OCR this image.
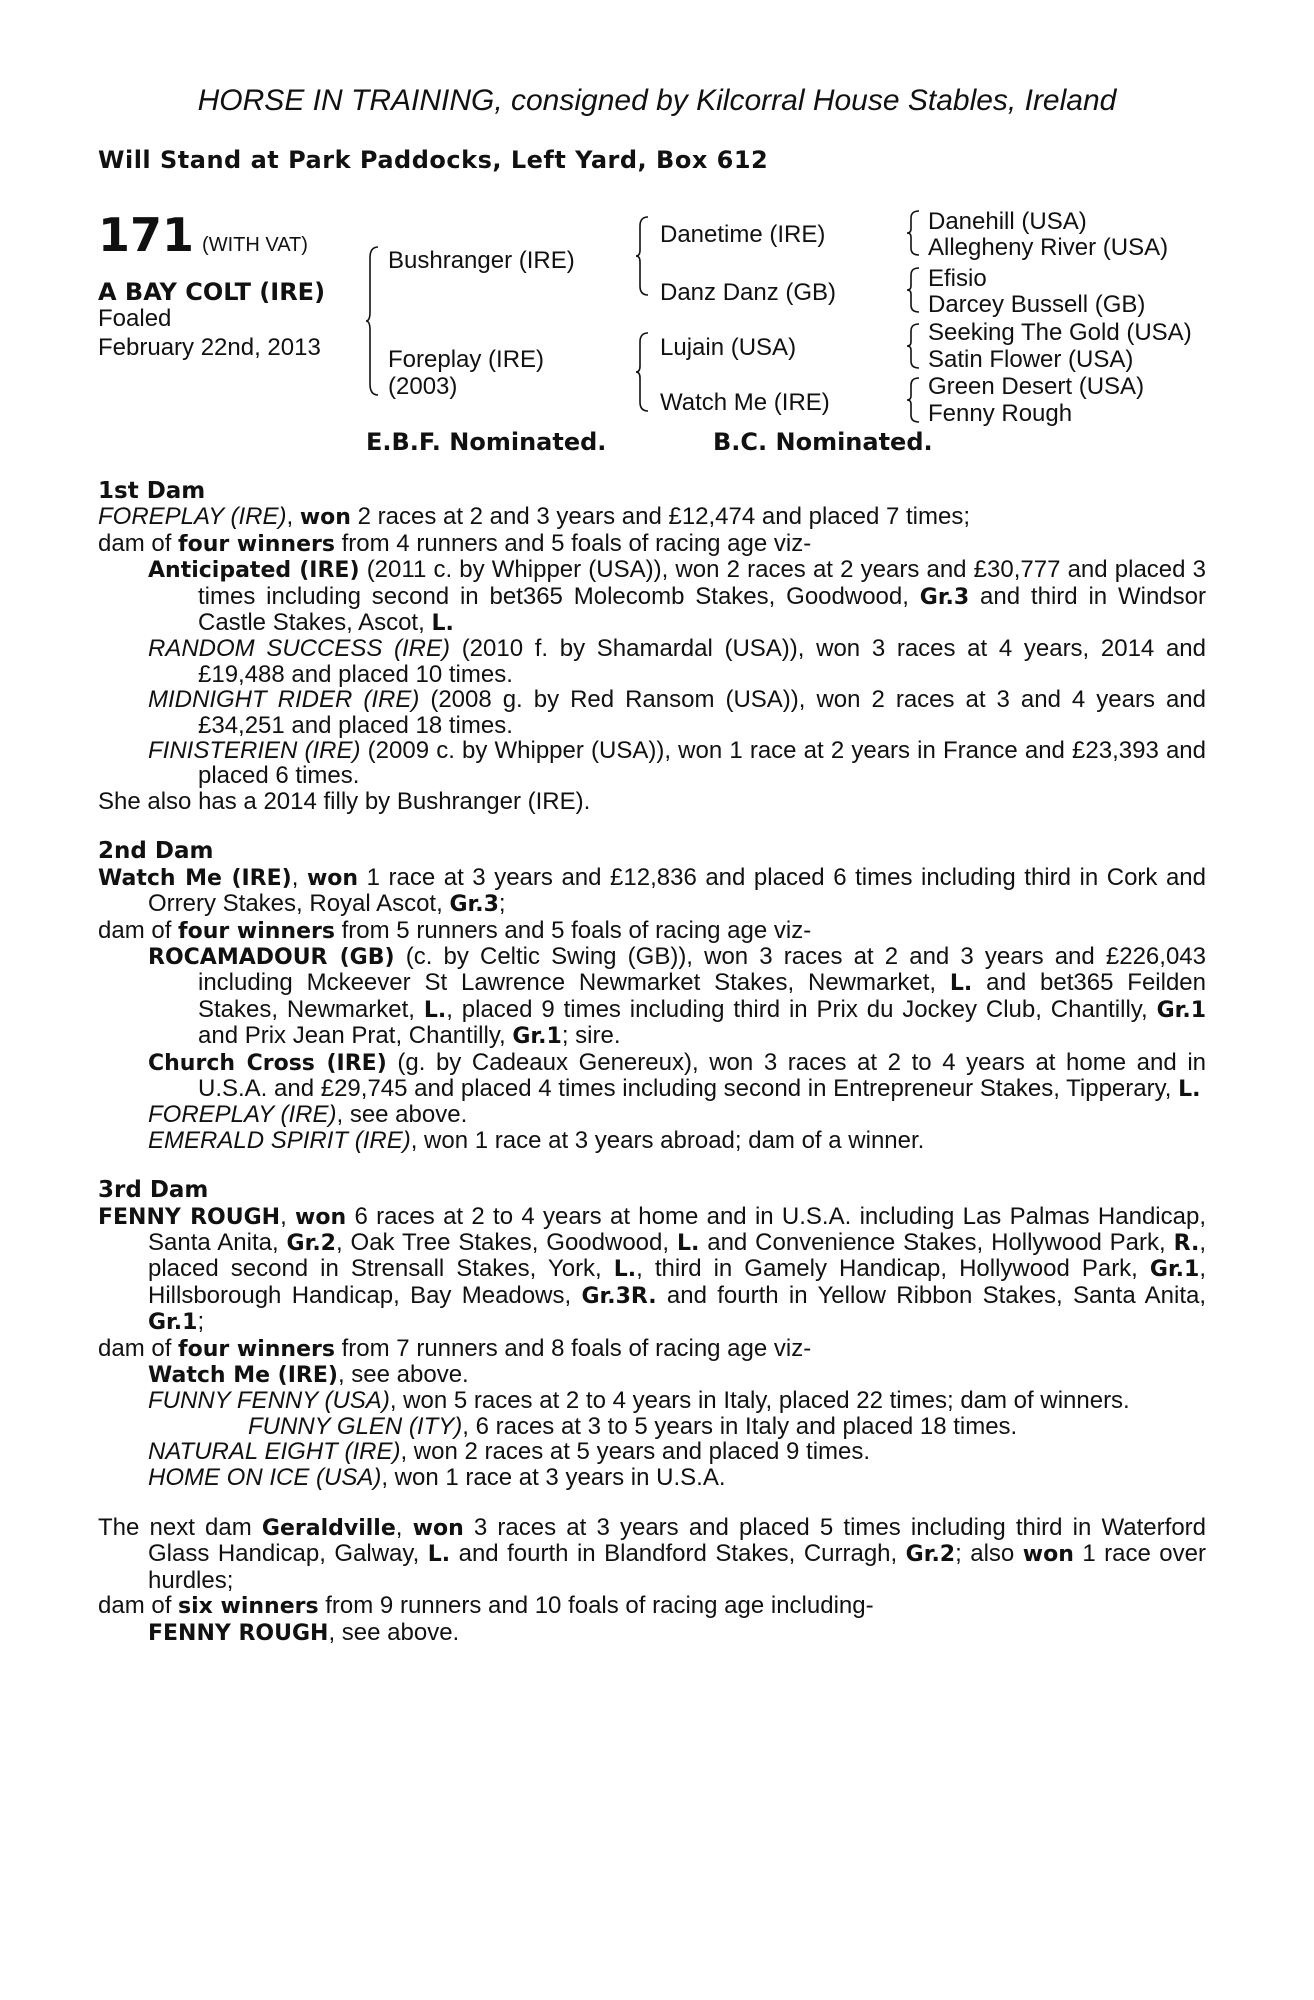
HORSE IN TRAINING, consigned by Kilcorral House Stables, Ireland
Will Stand at Park Paddocks, Left Yard, Box 612
171 (WITH VAT)
A BAY COLT (IRE)
Foaled
February 22nd, 2013
Bushranger (IRE)
Foreplay (IRE)
(2003)
Danetime (IRE)
Danz Danz (GB)
Lujain (USA)
Watch Me (IRE)
Danehill (USA)
Allegheny River (USA)
Efisio
Darcey Bussell (GB)
Seeking The Gold (USA)
Satin Flower (USA)
Green Desert (USA)
Fenny Rough
E.B.F. Nominated.	B.C. Nominated.
1st Dam
FOREPLAY (IRE), won 2 races at 2 and 3 years and £12,474 and placed 7 times;
dam of four winners from 4 runners and 5 foals of racing age viz-
Anticipated (IRE) (2011 c. by Whipper (USA)), won 2 races at 2 years and £30,777 and placed 3 times including second in bet365 Molecomb Stakes, Goodwood, Gr.3 and third in Windsor Castle Stakes, Ascot, L.
RANDOM SUCCESS (IRE) (2010 f. by Shamardal (USA)), won 3 races at 4 years, 2014 and £19,488 and placed 10 times.
MIDNIGHT RIDER (IRE) (2008 g. by Red Ransom (USA)), won 2 races at 3 and 4 years and £34,251 and placed 18 times.
FINISTERIEN (IRE) (2009 c. by Whipper (USA)), won 1 race at 2 years in France and £23,393 and placed 6 times.
She also has a 2014 filly by Bushranger (IRE).
2nd Dam
Watch Me (IRE), won 1 race at 3 years and £12,836 and placed 6 times including third in Cork and Orrery Stakes, Royal Ascot, Gr.3;
dam of four winners from 5 runners and 5 foals of racing age viz-
ROCAMADOUR (GB) (c. by Celtic Swing (GB)), won 3 races at 2 and 3 years and £226,043 including Mckeever St Lawrence Newmarket Stakes, Newmarket, L. and bet365 Feilden Stakes, Newmarket, L., placed 9 times including third in Prix du Jockey Club, Chantilly, Gr.1 and Prix Jean Prat, Chantilly, Gr.1; sire.
Church Cross (IRE) (g. by Cadeaux Genereux), won 3 races at 2 to 4 years at home and in U.S.A. and £29,745 and placed 4 times including second in Entrepreneur Stakes, Tipperary, L.
FOREPLAY (IRE), see above.
EMERALD SPIRIT (IRE), won 1 race at 3 years abroad; dam of a winner.
3rd Dam
FENNY ROUGH, won 6 races at 2 to 4 years at home and in U.S.A. including Las Palmas Handicap, Santa Anita, Gr.2, Oak Tree Stakes, Goodwood, L. and Convenience Stakes, Hollywood Park, R., placed second in Strensall Stakes, York, L., third in Gamely Handicap, Hollywood Park, Gr.1, Hillsborough Handicap, Bay Meadows, Gr.3R. and fourth in Yellow Ribbon Stakes, Santa Anita, Gr.1;
dam of four winners from 7 runners and 8 foals of racing age viz-
Watch Me (IRE), see above.
FUNNY FENNY (USA), won 5 races at 2 to 4 years in Italy, placed 22 times; dam of winners.
FUNNY GLEN (ITY), 6 races at 3 to 5 years in Italy and placed 18 times.
NATURAL EIGHT (IRE), won 2 races at 5 years and placed 9 times.
HOME ON ICE (USA), won 1 race at 3 years in U.S.A.
The next dam Geraldville, won 3 races at 3 years and placed 5 times including third in Waterford Glass Handicap, Galway, L. and fourth in Blandford Stakes, Curragh, Gr.2; also won 1 race over hurdles;
dam of six winners from 9 runners and 10 foals of racing age including-
FENNY ROUGH, see above.
